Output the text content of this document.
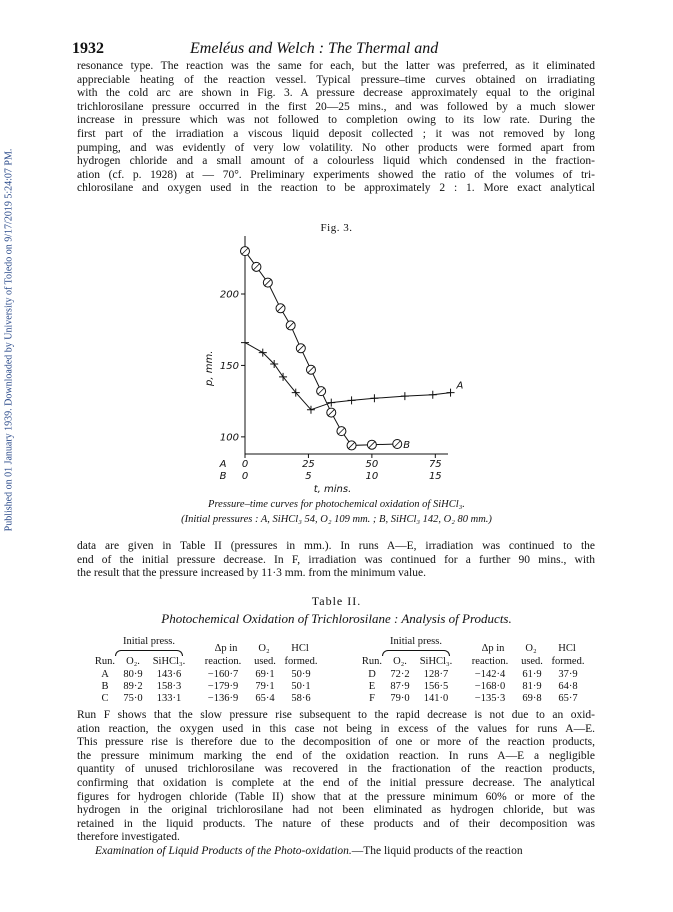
Published on 01 January 1939. Downloaded by University of Toledo on 9/17/2019 5:24:07 PM.
1932	Emeléus and Welch : The Thermal and
resonance type. The reaction was the same for each, but the latter was preferred, as it eliminated
appreciable heating of the reaction vessel. Typical pressure–time curves obtained on irradiating
with the cold arc are shown in Fig. 3. A pressure decrease approximately equal to the original
trichlorosilane pressure occurred in the first 20—25 mins., and was followed by a much slower
increase in pressure which was not followed to completion owing to its low rate. During the
first part of the irradiation a viscous liquid deposit collected ; it was not removed by long
pumping, and was evidently of very low volatility. No other products were formed apart from
hydrogen chloride and a small amount of a colourless liquid which condensed in the fraction-
ation (cf. p. 1928) at — 70°. Preliminary experiments showed the ratio of the volumes of tri-
chlorosilane and oxygen used in the reaction to be approximately 2 : 1. More exact analytical
Fig. 3.
100
150
200
0
0
25
5
50
10
75
15
A
B
t, mins.
p, mm.
A
B
Pressure–time curves for photochemical oxidation of SiHCl₃.
(Initial pressures : A, SiHCl₃ 54, O₂ 109 mm. ; B, SiHCl₃ 142, O₂ 80 mm.)
data are given in Table II (pressures in mm.). In runs A—E, irradiation was continued to the
end of the initial pressure decrease. In F, irradiation was continued for a further 90 mins., with
the result that the pressure increased by 11·3 mm. from the minimum value.
Table II.
Photochemical Oxidation of Trichlorosilane : Analysis of Products.
Initial press.
Δp in	O₂	HCl
Run.	O₂.	SiHCl₃.	reaction.	used. formed.
A	80·9	143·6	−160·7	69·1	50·9
B	89·2	158·3	−179·9	79·1	50·1
C	75·0	133·1	−136·9	65·4	58·6
Initial press.
Δp in	O₂	HCl
Run.	O₂.	SiHCl₃.	reaction.	used. formed.
D	72·2	128·7	−142·4	61·9	37·9
E	87·9	156·5	−168·0	81·9	64·8
F	79·0	141·0	−135·3	69·8	65·7
Run F shows that the slow pressure rise subsequent to the rapid decrease is not due to an oxid-
ation reaction, the oxygen used in this case not being in excess of the values for runs A—E.
This pressure rise is therefore due to the decomposition of one or more of the reaction products,
the pressure minimum marking the end of the oxidation reaction. In runs A—E a negligible
quantity of unused trichlorosilane was recovered in the fractionation of the reaction products,
confirming that oxidation is complete at the end of the initial pressure decrease. The analytical
figures for hydrogen chloride (Table II) show that at the pressure minimum 60% or more of the
hydrogen in the original trichlorosilane had not been eliminated as hydrogen chloride, but was
retained in the liquid products. The nature of these products and of their decomposition was
therefore investigated.
Examination of Liquid Products of the Photo-oxidation.—The liquid products of the reaction
